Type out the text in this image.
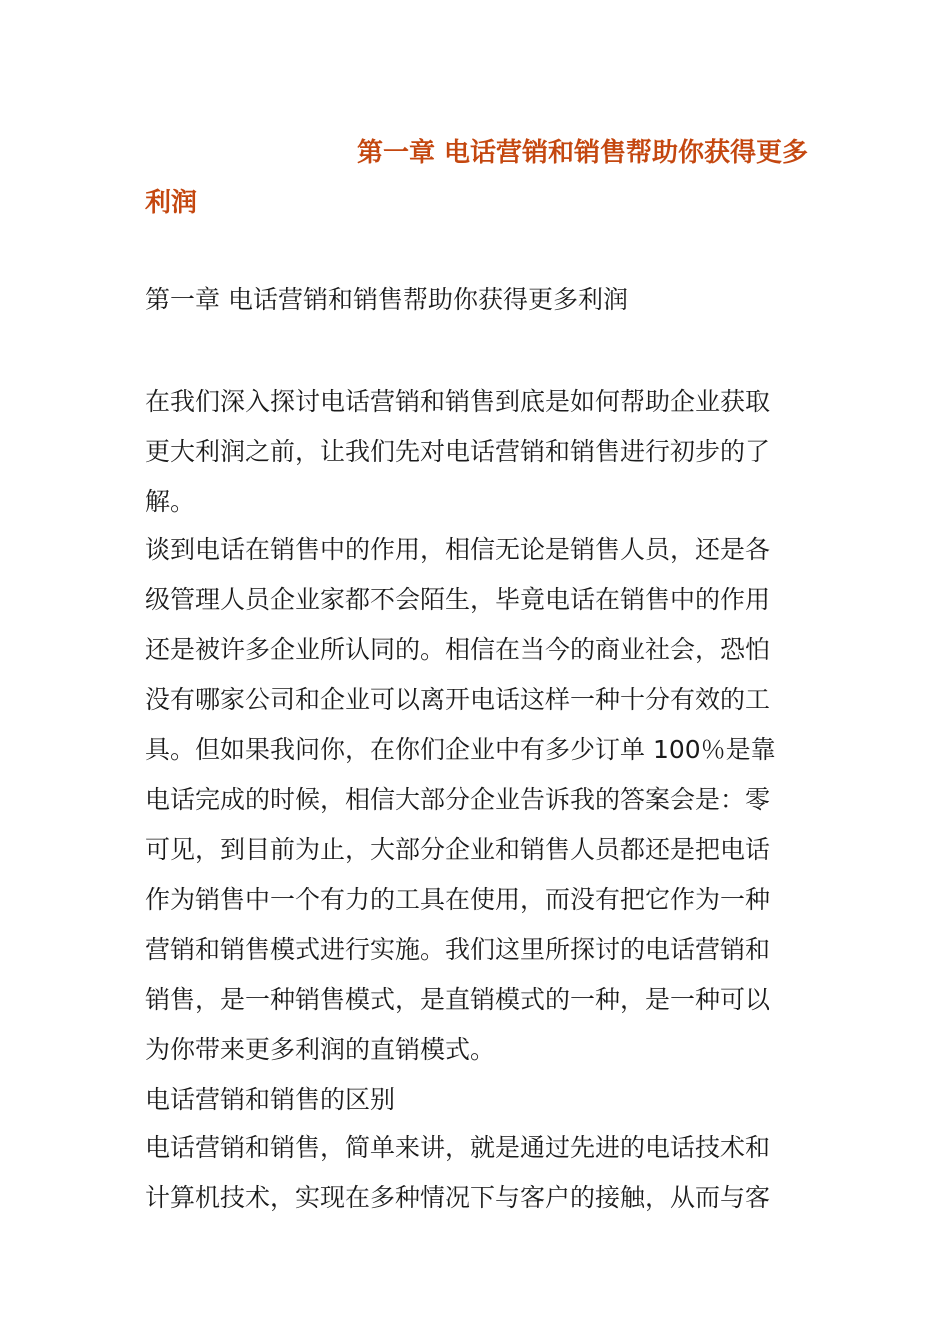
第一章 电话营销和销售帮助你获得更多
利润
第一章 电话营销和销售帮助你获得更多利润
在我们深入探讨电话营销和销售到底是如何帮助企业获取
更大利润之前，让我们先对电话营销和销售进行初步的了
解。
谈到电话在销售中的作用，相信无论是销售人员，还是各
级管理人员企业家都不会陌生，毕竟电话在销售中的作用
还是被许多企业所认同的。相信在当今的商业社会，恐怕
没有哪家公司和企业可以离开电话这样一种十分有效的工
具。但如果我问你，在你们企业中有多少订单 100％是靠
电话完成的时候，相信大部分企业告诉我的答案会是：零
可见，到目前为止，大部分企业和销售人员都还是把电话
作为销售中一个有力的工具在使用，而没有把它作为一种
营销和销售模式进行实施。我们这里所探讨的电话营销和
销售，是一种销售模式，是直销模式的一种，是一种可以
为你带来更多利润的直销模式。
电话营销和销售的区别
电话营销和销售，简单来讲，就是通过先进的电话技术和
计算机技术，实现在多种情况下与客户的接触，从而与客
